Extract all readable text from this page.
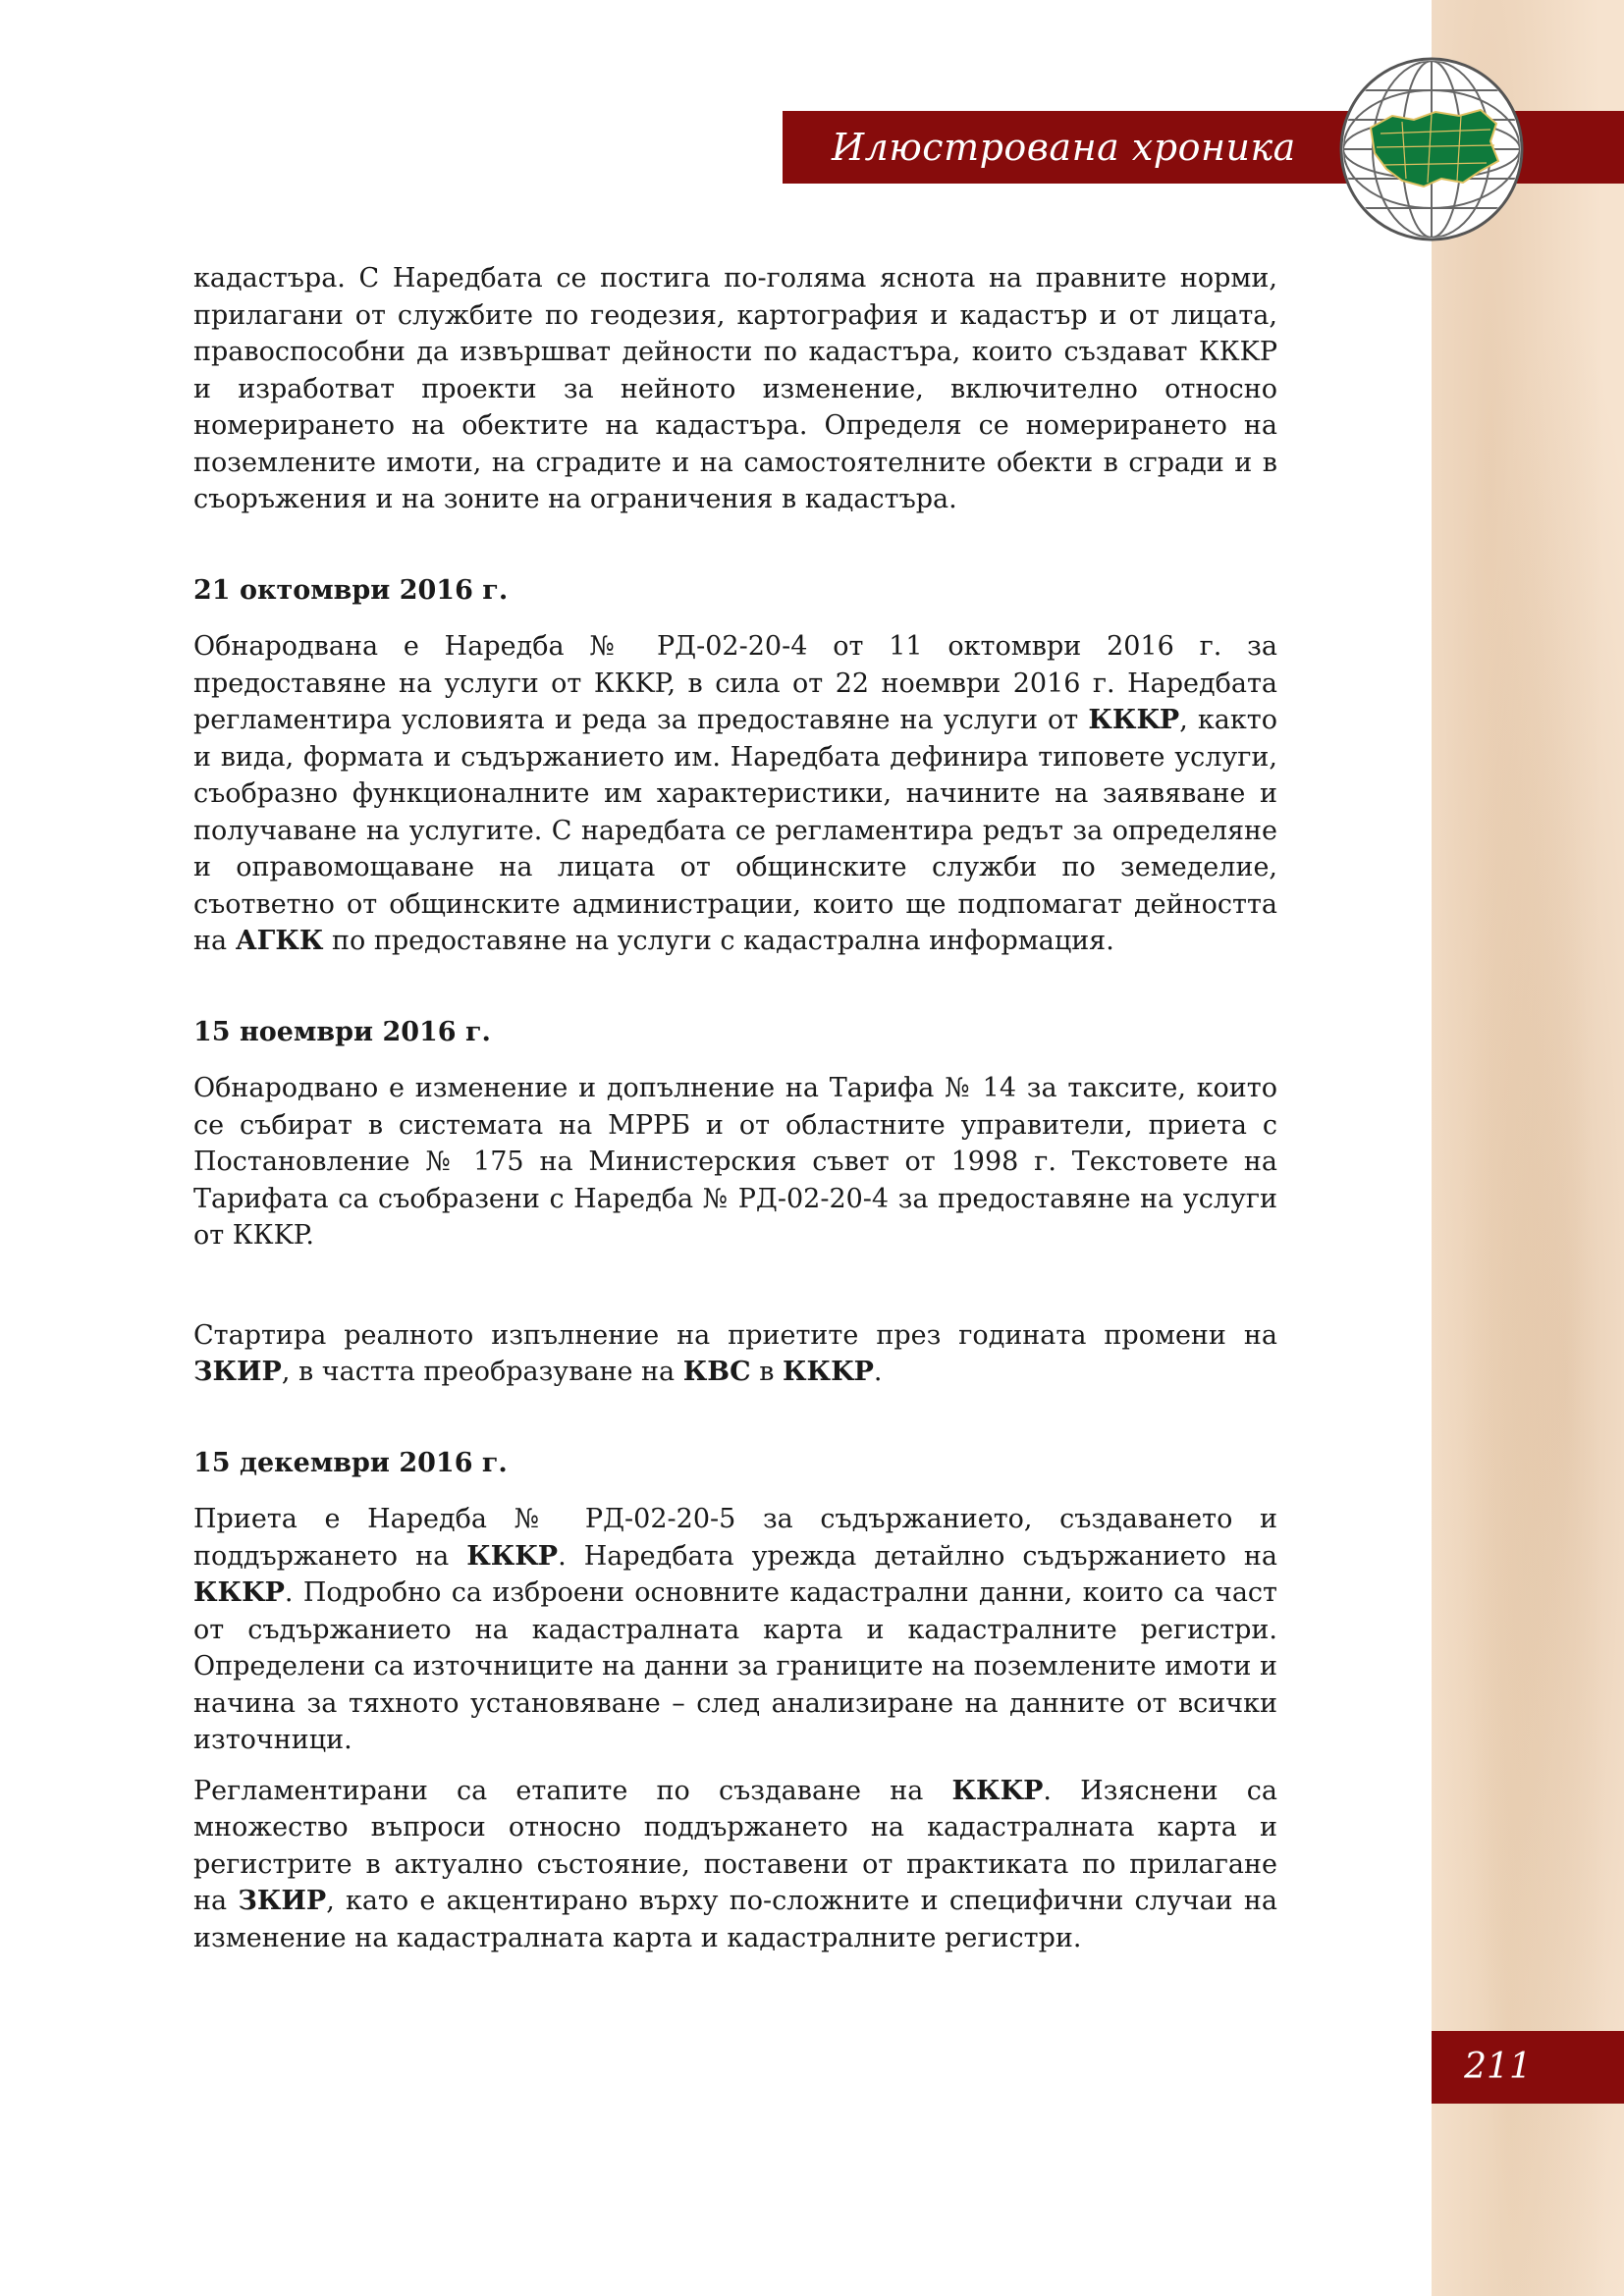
Илюстрована хроника

кадастъра. С Наредбата се постига по-голяма яснота на правните норми, прилагани от службите по геодезия, картография и кадастър и от лицата, правоспособни да извършват дейности по кадастъра, които създават ККKP и изработват проекти за нейното изменение, включително относно номерирането на обектите на кадастъра. Определя се номерирането на поземлените имоти, на сградите и на самостоятелните обекти в сгради и в съоръжения и на зоните на ограничения в кадастъра.

21 октомври 2016 г.

Обнародвана е Наредба № РД-02-20-4 от 11 октомври 2016 г. за предоставяне на услуги от ККKP, в сила от 22 ноември 2016 г. Наредбата регламентира условията и реда за предоставяне на услуги от ККKP, както и вида, формата и съдържанието им. Наредбата дефинира типовете услуги, съобразно функционалните им характеристики, начините на заявяване и получаване на услугите. С наредбата се регламентира редът за определяне и оправомощаване на лицата от общинските служби по земеделие, съответно от общинските администрации, които ще подпомагат дейността на АГКК по предоставяне на услуги с кадастрална информация.

15 ноември 2016 г.

Обнародвано е изменение и допълнение на Тарифа № 14 за таксите, които се събират в системата на МРРБ и от областните управители, приета с Постановление № 175 на Министерския съвет от 1998 г. Текстовете на Тарифата са съобразени с Наредба № РД-02-20-4 за предоставяне на услуги от ККKP.

Стартира реалното изпълнение на приетите през годината промени на ЗКИР, в частта преобразуване на КВС в ККKP.

15 декември 2016 г.

Приета е Наредба № РД-02-20-5 за съдържанието, създаването и поддържането на ККKP. Наредбата урежда детайлно съдържанието на ККKP. Подробно са изброени основните кадастрални данни, които са част от съдържанието на кадастралната карта и кадастралните регистри. Определени са източниците на данни за границите на поземлените имоти и начина за тяхното установяване – след анализиране на данните от всички източници.

Регламентирани са етапите по създаване на ККKP. Изяснени са множество въпроси относно поддържането на кадастралната карта и регистрите в актуално състояние, поставени от практиката по прилагане на ЗКИР, като е акцентирано върху по-сложните и специфични случаи на изменение на кадастралната карта и кадастралните регистри.

211
